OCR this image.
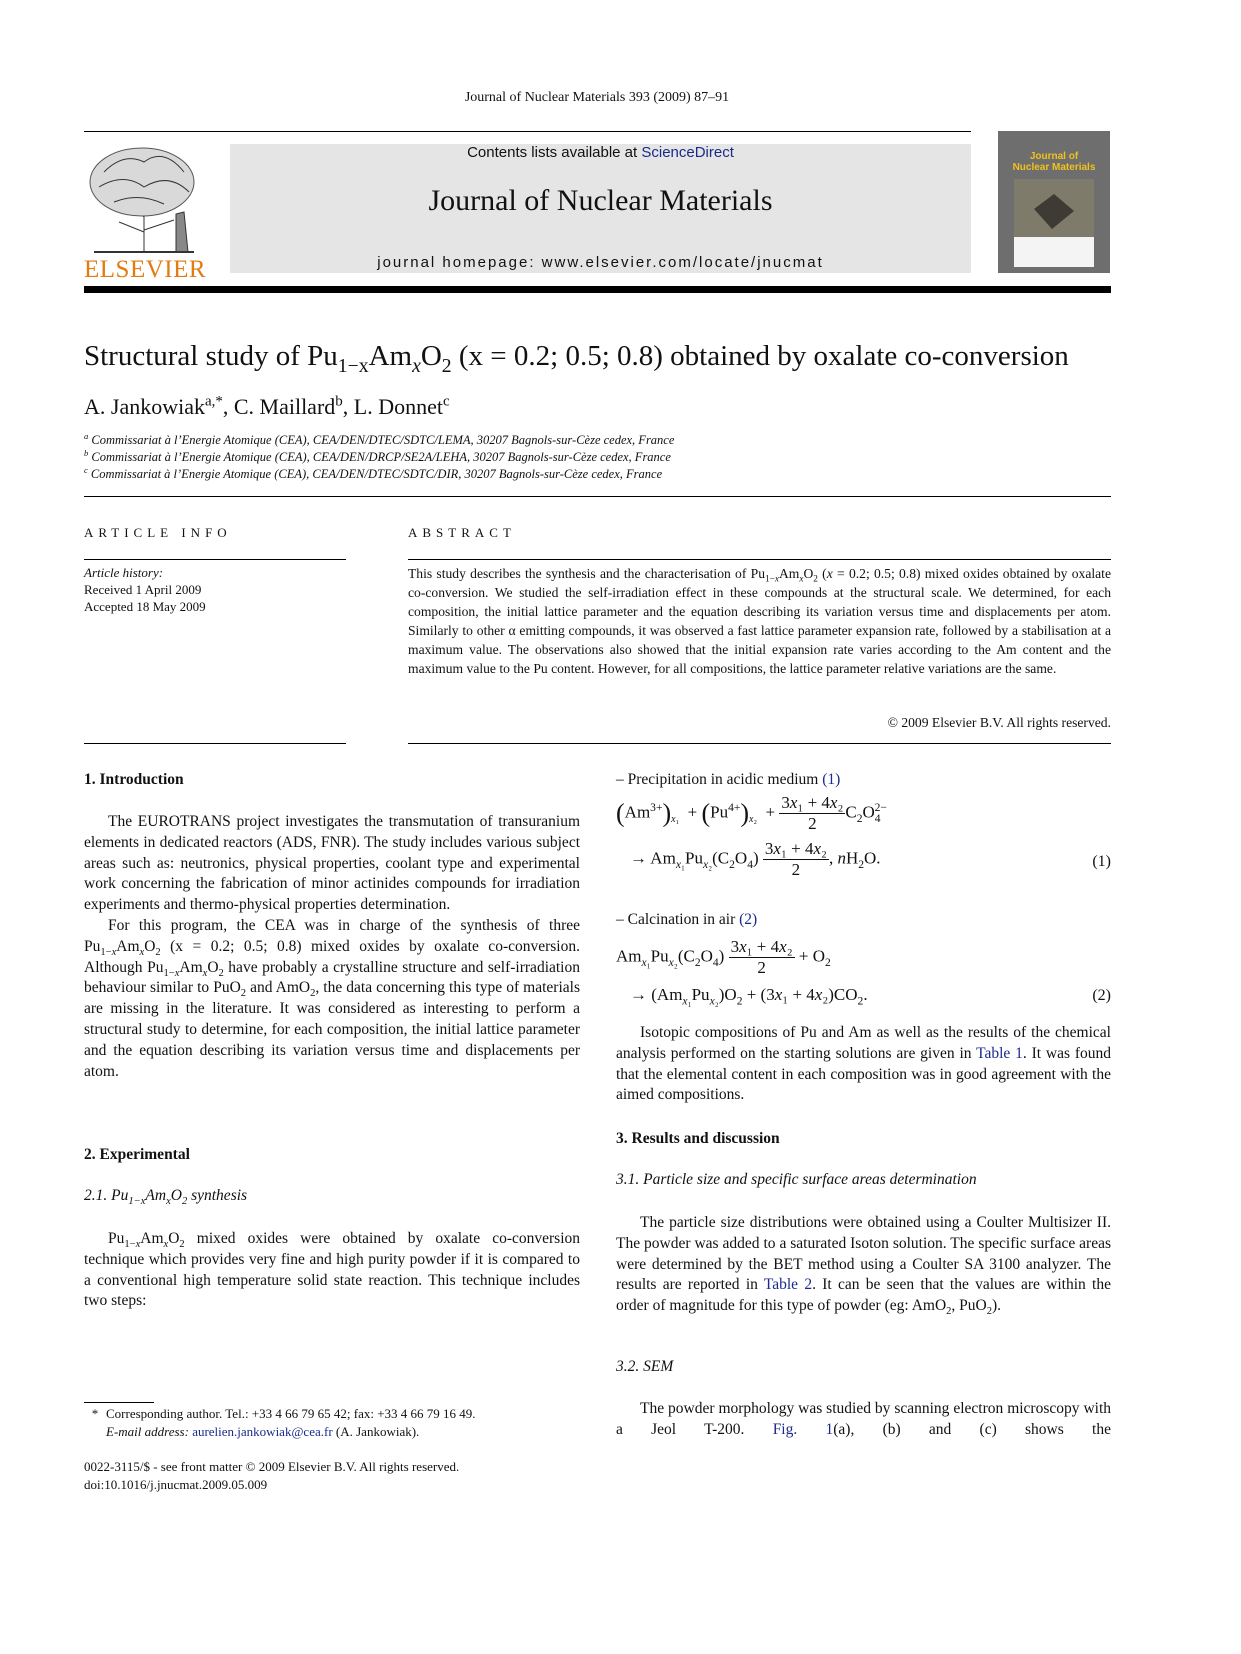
Journal of Nuclear Materials 393 (2009) 87–91
ELSEVIER
Contents lists available at ScienceDirect
Journal of Nuclear Materials
journal homepage: www.elsevier.com/locate/jnucmat
Journal of
Nuclear Materials
Structural study of $Pu_{1-x}Am_xO_2$ (x = 0.2; 0.5; 0.8) obtained by oxalate co-conversion
A. Jankowiak$^{a,*}$, C. Maillard$^b$, L. Donnet$^c$
$^a$ Commissariat à l’Energie Atomique (CEA), CEA/DEN/DTEC/SDTC/LEMA, 30207 Bagnols-sur-Cèze cedex, France
$^b$ Commissariat à l’Energie Atomique (CEA), CEA/DEN/DRCP/SE2A/LEHA, 30207 Bagnols-sur-Cèze cedex, France
$^c$ Commissariat à l’Energie Atomique (CEA), CEA/DEN/DTEC/SDTC/DIR, 30207 Bagnols-sur-Cèze cedex, France
ARTICLE INFO
Article history:
Received 1 April 2009
Accepted 18 May 2009
ABSTRACT
This study describes the synthesis and the characterisation of $Pu_{1-x}Am_xO_2$ (x = 0.2; 0.5; 0.8) mixed oxides obtained by oxalate co-conversion. We studied the self-irradiation effect in these compounds at the structural scale. We determined, for each composition, the initial lattice parameter and the equation describing its variation versus time and displacements per atom. Similarly to other α emitting compounds, it was observed a fast lattice parameter expansion rate, followed by a stabilisation at a maximum value. The observations also showed that the initial expansion rate varies according to the Am content and the maximum value to the Pu content. However, for all compositions, the lattice parameter relative variations are the same.
© 2009 Elsevier B.V. All rights reserved.
1. Introduction

The EUROTRANS project investigates the transmutation of transuranium elements in dedicated reactors (ADS, FNR). The study includes various subject areas such as: neutronics, physical properties, coolant type and experimental work concerning the fabrication of minor actinides compounds for irradiation experiments and thermo-physical properties determination.

For this program, the CEA was in charge of the synthesis of three $Pu_{1-x}Am_xO_2$ (x = 0.2; 0.5; 0.8) mixed oxides by oxalate co-conversion. Although $Pu_{1-x}Am_xO_2$ have probably a crystalline structure and self-irradiation behaviour similar to PuO$_2$ and AmO$_2$, the data concerning this type of materials are missing in the literature. It was considered as interesting to perform a structural study to determine, for each composition, the initial lattice parameter and the equation describing its variation versus time and displacements per atom.

2. Experimental
2.1. $Pu_{1-x}Am_xO_2$ synthesis

$Pu_{1-x}Am_xO_2$ mixed oxides were obtained by oxalate co-conversion technique which provides very fine and high purity powder if it is compared to a conventional high temperature solid state reaction. This technique includes two steps:

* Corresponding author. Tel.: +33 4 66 79 65 42; fax: +33 4 66 79 16 49.
E-mail address: aurelien.jankowiak@cea.fr (A. Jankowiak).
0022-3115/$ - see front matter © 2009 Elsevier B.V. All rights reserved.
doi:10.1016/j.jnucmat.2009.05.009
– Precipitation in acidic medium (1)
$(Am^{3+})_{x_1} + (Pu^{4+})_{x_2} + \frac{\text{3x₁ + 4x₂}}{2} C_2O_4^{2-}$
→ $Am_{x_1}Pu_{x_2}(C_2O_4) \frac{\text{3x₁ + 4x₂}}{2}$ , $nH_2O$.	(1)
– Calcination in air (2)
$Am_{x_1}Pu_{x_2}(C_2O_4) \frac{\text{3x₁ + 4x₂}}{2} + O_2$
→ $(Am_{x_1}Pu_{x_2})O_2 + (3x_1 + 4x_2)CO_2$.	(2)

Isotopic compositions of Pu and Am as well as the results of the chemical analysis performed on the starting solutions are given in Table 1. It was found that the elemental content in each composition was in good agreement with the aimed compositions.

3. Results and discussion
3.1. Particle size and specific surface areas determination

The particle size distributions were obtained using a Coulter Multisizer II. The powder was added to a saturated Isoton solution. The specific surface areas were determined by the BET method using a Coulter SA 3100 analyzer. The results are reported in Table 2. It can be seen that the values are within the order of magnitude for this type of powder (eg: AmO$_2$, PuO$_2$).

3.2. SEM

The powder morphology was studied by scanning electron microscopy with a Jeol T-200. Fig. 1(a), (b) and (c) shows the
